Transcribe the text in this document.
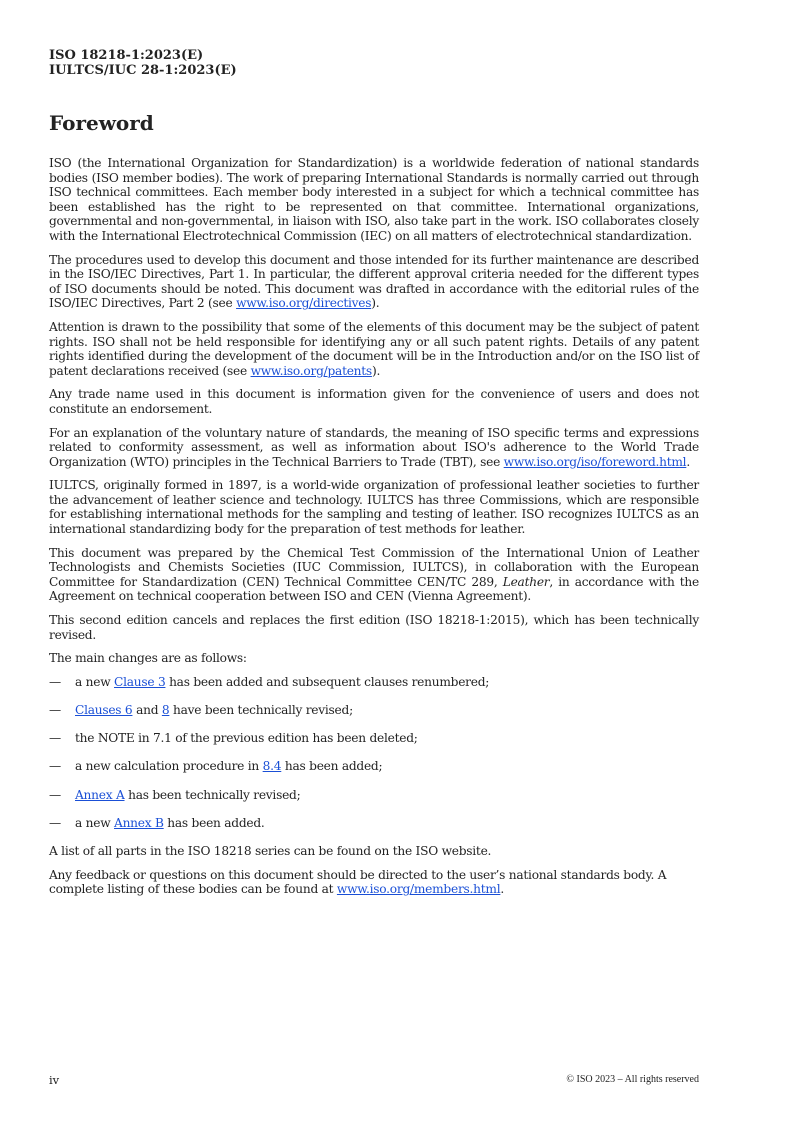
ISO 18218-1:2023(E)
IULTCS/IUC 28-1:2023(E)
Foreword

ISO (the International Organization for Standardization) is a worldwide federation of national standards bodies (ISO member bodies). The work of preparing International Standards is normally carried out through ISO technical committees. Each member body interested in a subject for which a technical committee has been established has the right to be represented on that committee. International organizations, governmental and non-governmental, in liaison with ISO, also take part in the work. ISO collaborates closely with the International Electrotechnical Commission (IEC) on all matters of electrotechnical standardization.

The procedures used to develop this document and those intended for its further maintenance are described in the ISO/IEC Directives, Part 1. In particular, the different approval criteria needed for the different types of ISO documents should be noted. This document was drafted in accordance with the editorial rules of the ISO/IEC Directives, Part 2 (see www.iso.org/directives).

Attention is drawn to the possibility that some of the elements of this document may be the subject of patent rights. ISO shall not be held responsible for identifying any or all such patent rights. Details of any patent rights identified during the development of the document will be in the Introduction and/or on the ISO list of patent declarations received (see www.iso.org/patents).

Any trade name used in this document is information given for the convenience of users and does not constitute an endorsement.

For an explanation of the voluntary nature of standards, the meaning of ISO specific terms and expressions related to conformity assessment, as well as information about ISO's adherence to the World Trade Organization (WTO) principles in the Technical Barriers to Trade (TBT), see www.iso.org/iso/foreword.html.

IULTCS, originally formed in 1897, is a world-wide organization of professional leather societies to further the advancement of leather science and technology. IULTCS has three Commissions, which are responsible for establishing international methods for the sampling and testing of leather. ISO recognizes IULTCS as an international standardizing body for the preparation of test methods for leather.

This document was prepared by the Chemical Test Commission of the International Union of Leather Technologists and Chemists Societies (IUC Commission, IULTCS), in collaboration with the European Committee for Standardization (CEN) Technical Committee CEN/TC 289, Leather, in accordance with the Agreement on technical cooperation between ISO and CEN (Vienna Agreement).

This second edition cancels and replaces the first edition (ISO 18218-1:2015), which has been technically revised.

The main changes are as follows:

— a new Clause 3 has been added and subsequent clauses renumbered;
— Clauses 6 and 8 have been technically revised;
— the NOTE in 7.1 of the previous edition has been deleted;
— a new calculation procedure in 8.4 has been added;
— Annex A has been technically revised;
— a new Annex B has been added.

A list of all parts in the ISO 18218 series can be found on the ISO website.

Any feedback or questions on this document should be directed to the user’s national standards body. A complete listing of these bodies can be found at www.iso.org/members.html.

iv	© ISO 2023 – All rights reserved
